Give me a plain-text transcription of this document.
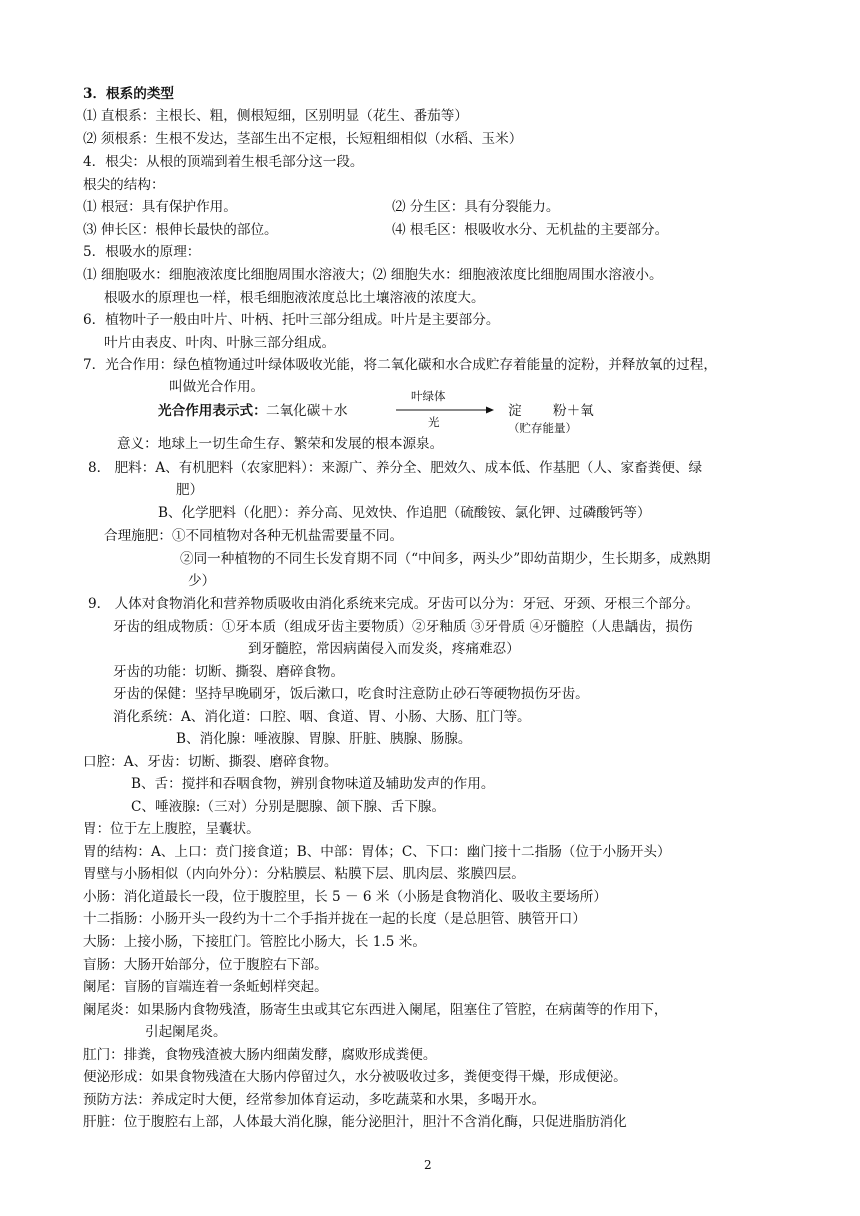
3．根系的类型
⑴ 直根系：主根长、粗，侧根短细，区别明显（花生、番茄等）
⑵ 须根系：生根不发达，茎部生出不定根，长短粗细相似（水稻、玉米）
4．根尖：从根的顶端到着生根毛部分这一段。
根尖的结构：
⑴ 根冠：具有保护作用。	⑵ 分生区：具有分裂能力。
⑶ 伸长区：根伸长最快的部位。	⑷ 根毛区：根吸收水分、无机盐的主要部分。
5．根吸水的原理：
⑴ 细胞吸水：细胞液浓度比细胞周围水溶液大；⑵ 细胞失水：细胞液浓度比细胞周围水溶液小。
根吸水的原理也一样，根毛细胞液浓度总比土壤溶液的浓度大。
6．植物叶子一般由叶片、叶柄、托叶三部分组成。叶片是主要部分。
叶片由表皮、叶肉、叶脉三部分组成。
7．光合作用：绿色植物通过叶绿体吸收光能，将二氧化碳和水合成贮存着能量的淀粉，并释放氧的过程，
叫做光合作用。
光合作用表示式： 二氧化碳＋水
叶绿体
光
淀 粉＋氧
（贮存能量）
意义：地球上一切生命生存、繁荣和发展的根本源泉。
8． 肥料：A、有机肥料（农家肥料）：来源广、养分全、肥效久、成本低、作基肥（人、家畜粪便、绿
肥）
B、化学肥料（化肥）：养分高、见效快、作追肥（硫酸铵、氯化钾、过磷酸钙等）
合理施肥：①不同植物对各种无机盐需要量不同。
②同一种植物的不同生长发育期不同（“中间多，两头少”即幼苗期少，生长期多，成熟期
少）
9． 人体对食物消化和营养物质吸收由消化系统来完成。牙齿可以分为：牙冠、牙颈、牙根三个部分。
牙齿的组成物质：①牙本质（组成牙齿主要物质）②牙釉质 ③牙骨质 ④牙髓腔（人患龋齿，损伤
到牙髓腔，常因病菌侵入而发炎，疼痛难忍）
牙齿的功能：切断、撕裂、磨碎食物。
牙齿的保健：坚持早晚刷牙，饭后漱口，吃食时注意防止砂石等硬物损伤牙齿。
消化系统：A、消化道：口腔、咽、食道、胃、小肠、大肠、肛门等。
B、消化腺：唾液腺、胃腺、肝脏、胰腺、肠腺。
口腔：A、牙齿：切断、撕裂、磨碎食物。
B、舌：搅拌和吞咽食物，辨别食物味道及辅助发声的作用。
C、唾液腺:（三对）分别是腮腺、颌下腺、舌下腺。
胃：位于左上腹腔，呈囊状。
胃的结构：A、上口：贲门接食道；B、中部：胃体；C、下口：幽门接十二指肠（位于小肠开头）
胃壁与小肠相似（内向外分）：分粘膜层、粘膜下层、肌肉层、浆膜四层。
小肠：消化道最长一段，位于腹腔里，长 5 － 6 米（小肠是食物消化、吸收主要场所）
十二指肠：小肠开头一段约为十二个手指并拢在一起的长度（是总胆管、胰管开口）
大肠：上接小肠，下接肛门。管腔比小肠大，长 1.5 米。
盲肠：大肠开始部分，位于腹腔右下部。
阑尾：盲肠的盲端连着一条蚯蚓样突起。
阑尾炎：如果肠内食物残渣，肠寄生虫或其它东西进入阑尾，阻塞住了管腔，在病菌等的作用下，
引起阑尾炎。
肛门：排粪，食物残渣被大肠内细菌发酵，腐败形成粪便。
便泌形成：如果食物残渣在大肠内停留过久，水分被吸收过多，粪便变得干燥，形成便泌。
预防方法：养成定时大便，经常参加体育运动，多吃蔬菜和水果，多喝开水。
肝脏：位于腹腔右上部，人体最大消化腺，能分泌胆汁，胆汁不含消化酶，只促进脂肪消化
2
